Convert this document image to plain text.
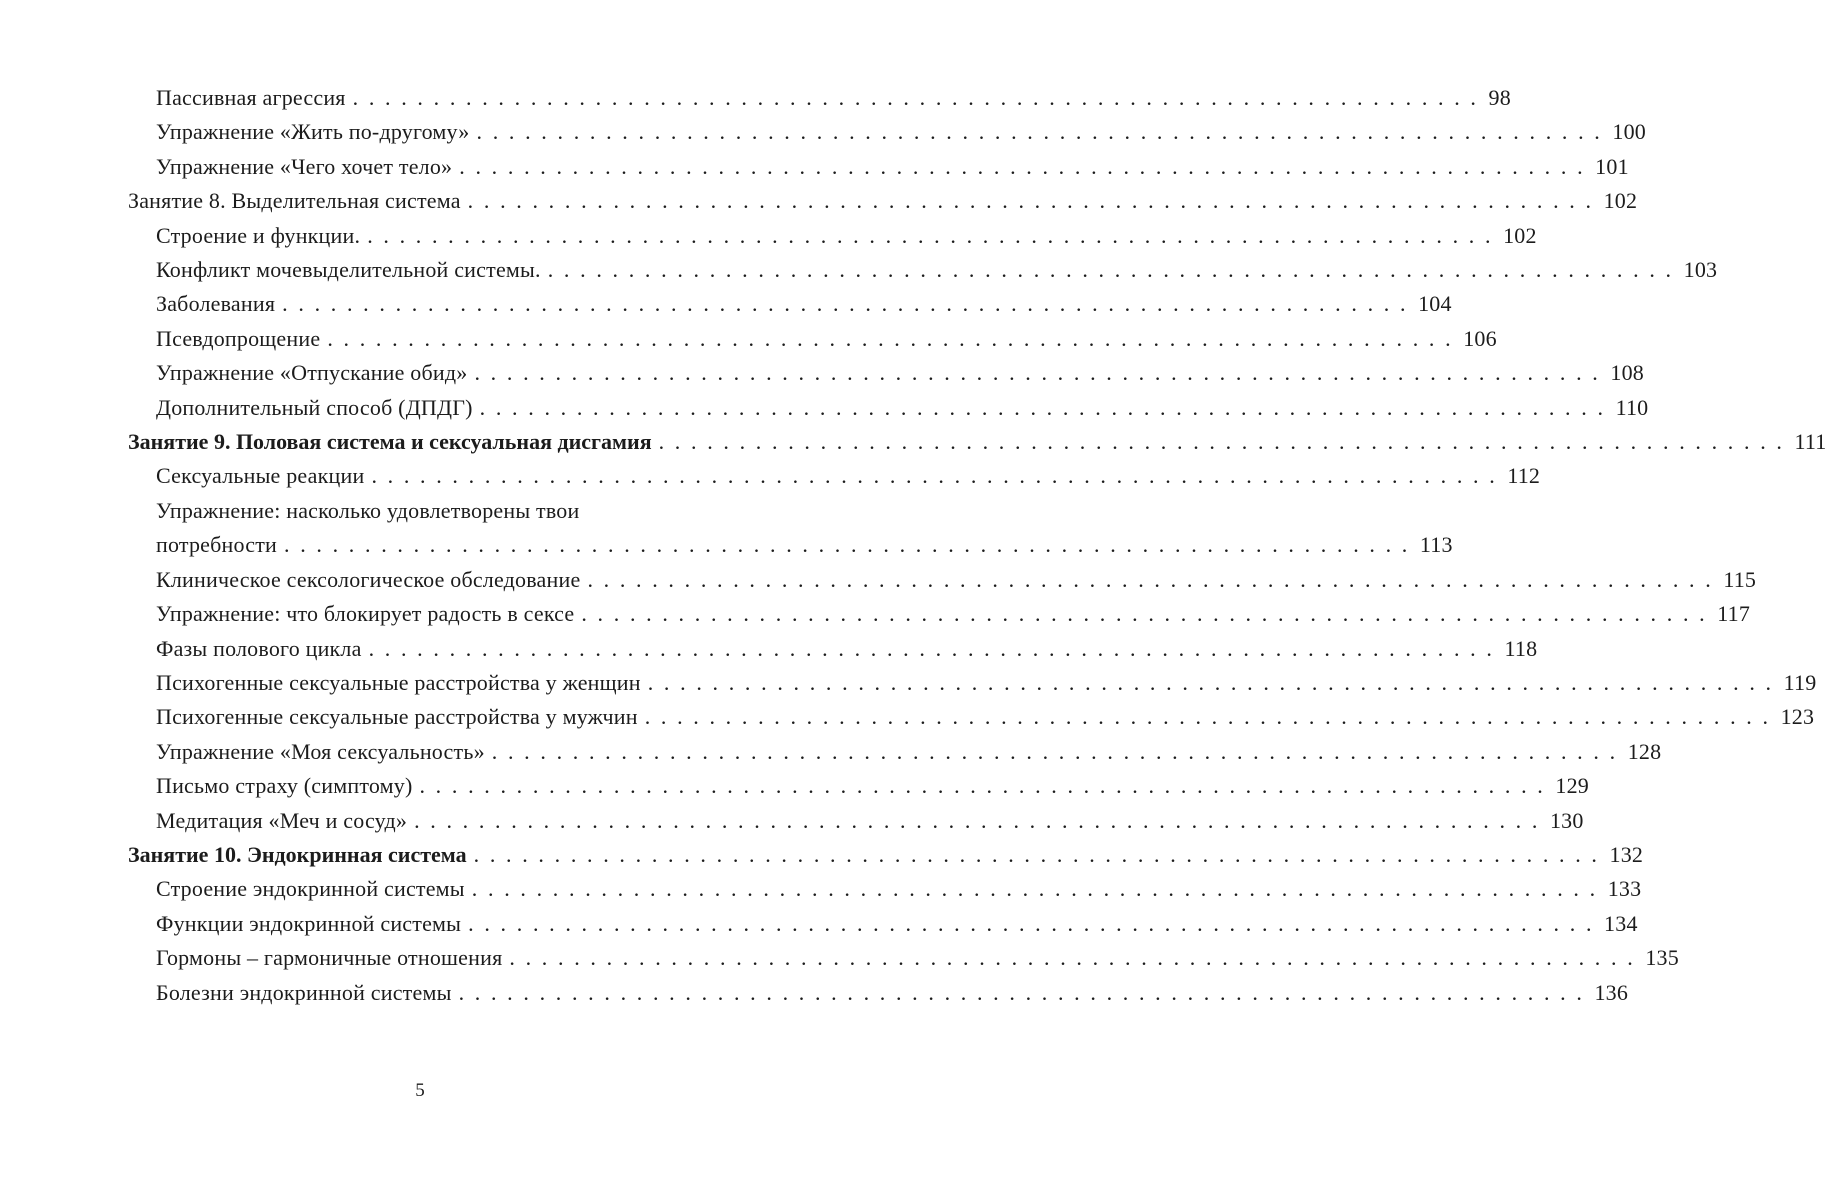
Пассивная агрессия . . . . . . . . . . . . . . . . . . . . . . . . . . . . . . . . . . . . . . . . . . . . . . . . . . . . . . . . . . . . . . . . . . . . . . 98
Упражнение «Жить по-другому» . . . . . . . . . . . . . . . . . . . . . . . . . . . . . . . . . . . . . . . . . . . . . . . . . . . . . . . . . . . . . . . . . . . . . . 100
Упражнение «Чего хочет тело» . . . . . . . . . . . . . . . . . . . . . . . . . . . . . . . . . . . . . . . . . . . . . . . . . . . . . . . . . . . . . . . . . . . . . . 101
Занятие 8. Выделительная система . . . . . . . . . . . . . . . . . . . . . . . . . . . . . . . . . . . . . . . . . . . . . . . . . . . . . . . . . . . . . . . . . . . . . . 102
Строение и функции. . . . . . . . . . . . . . . . . . . . . . . . . . . . . . . . . . . . . . . . . . . . . . . . . . . . . . . . . . . . . . . . . . . . . . . 102
Конфликт мочевыделительной системы. . . . . . . . . . . . . . . . . . . . . . . . . . . . . . . . . . . . . . . . . . . . . . . . . . . . . . . . . . . . . . . . . . . . . . . 103
Заболевания . . . . . . . . . . . . . . . . . . . . . . . . . . . . . . . . . . . . . . . . . . . . . . . . . . . . . . . . . . . . . . . . . . . . . . 104
Псевдопрощение . . . . . . . . . . . . . . . . . . . . . . . . . . . . . . . . . . . . . . . . . . . . . . . . . . . . . . . . . . . . . . . . . . . . . . 106
Упражнение «Отпускание обид» . . . . . . . . . . . . . . . . . . . . . . . . . . . . . . . . . . . . . . . . . . . . . . . . . . . . . . . . . . . . . . . . . . . . . . 108
Дополнительный способ (ДПДГ) . . . . . . . . . . . . . . . . . . . . . . . . . . . . . . . . . . . . . . . . . . . . . . . . . . . . . . . . . . . . . . . . . . . . . . 110
Занятие 9. Половая система и сексуальная дисгамия . . . . . . . . . . . . . . . . . . . . . . . . . . . . . . . . . . . . . . . . . . . . . . . . . . . . . . . . . . . . . . . . . . . . . . 111
Сексуальные реакции . . . . . . . . . . . . . . . . . . . . . . . . . . . . . . . . . . . . . . . . . . . . . . . . . . . . . . . . . . . . . . . . . . . . . . 112
Упражнение: насколько удовлетворены твои
потребности . . . . . . . . . . . . . . . . . . . . . . . . . . . . . . . . . . . . . . . . . . . . . . . . . . . . . . . . . . . . . . . . . . . . . . 113
Клиническое сексологическое обследование . . . . . . . . . . . . . . . . . . . . . . . . . . . . . . . . . . . . . . . . . . . . . . . . . . . . . . . . . . . . . . . . . . . . . . 115
Упражнение: что блокирует радость в сексе . . . . . . . . . . . . . . . . . . . . . . . . . . . . . . . . . . . . . . . . . . . . . . . . . . . . . . . . . . . . . . . . . . . . . . 117
Фазы полового цикла . . . . . . . . . . . . . . . . . . . . . . . . . . . . . . . . . . . . . . . . . . . . . . . . . . . . . . . . . . . . . . . . . . . . . . 118
Психогенные сексуальные расстройства у женщин . . . . . . . . . . . . . . . . . . . . . . . . . . . . . . . . . . . . . . . . . . . . . . . . . . . . . . . . . . . . . . . . . . . . . . 119
Психогенные сексуальные расстройства у мужчин . . . . . . . . . . . . . . . . . . . . . . . . . . . . . . . . . . . . . . . . . . . . . . . . . . . . . . . . . . . . . . . . . . . . . . 123
Упражнение «Моя сексуальность» . . . . . . . . . . . . . . . . . . . . . . . . . . . . . . . . . . . . . . . . . . . . . . . . . . . . . . . . . . . . . . . . . . . . . . 128
Письмо страху (симптому) . . . . . . . . . . . . . . . . . . . . . . . . . . . . . . . . . . . . . . . . . . . . . . . . . . . . . . . . . . . . . . . . . . . . . . 129
Медитация «Меч и сосуд» . . . . . . . . . . . . . . . . . . . . . . . . . . . . . . . . . . . . . . . . . . . . . . . . . . . . . . . . . . . . . . . . . . . . . . 130
Занятие 10. Эндокринная система . . . . . . . . . . . . . . . . . . . . . . . . . . . . . . . . . . . . . . . . . . . . . . . . . . . . . . . . . . . . . . . . . . . . . . 132
Строение эндокринной системы . . . . . . . . . . . . . . . . . . . . . . . . . . . . . . . . . . . . . . . . . . . . . . . . . . . . . . . . . . . . . . . . . . . . . . 133
Функции эндокринной системы . . . . . . . . . . . . . . . . . . . . . . . . . . . . . . . . . . . . . . . . . . . . . . . . . . . . . . . . . . . . . . . . . . . . . . 134
Гормоны – гармоничные отношения . . . . . . . . . . . . . . . . . . . . . . . . . . . . . . . . . . . . . . . . . . . . . . . . . . . . . . . . . . . . . . . . . . . . . . 135
Болезни эндокринной системы . . . . . . . . . . . . . . . . . . . . . . . . . . . . . . . . . . . . . . . . . . . . . . . . . . . . . . . . . . . . . . . . . . . . . . 136
5
